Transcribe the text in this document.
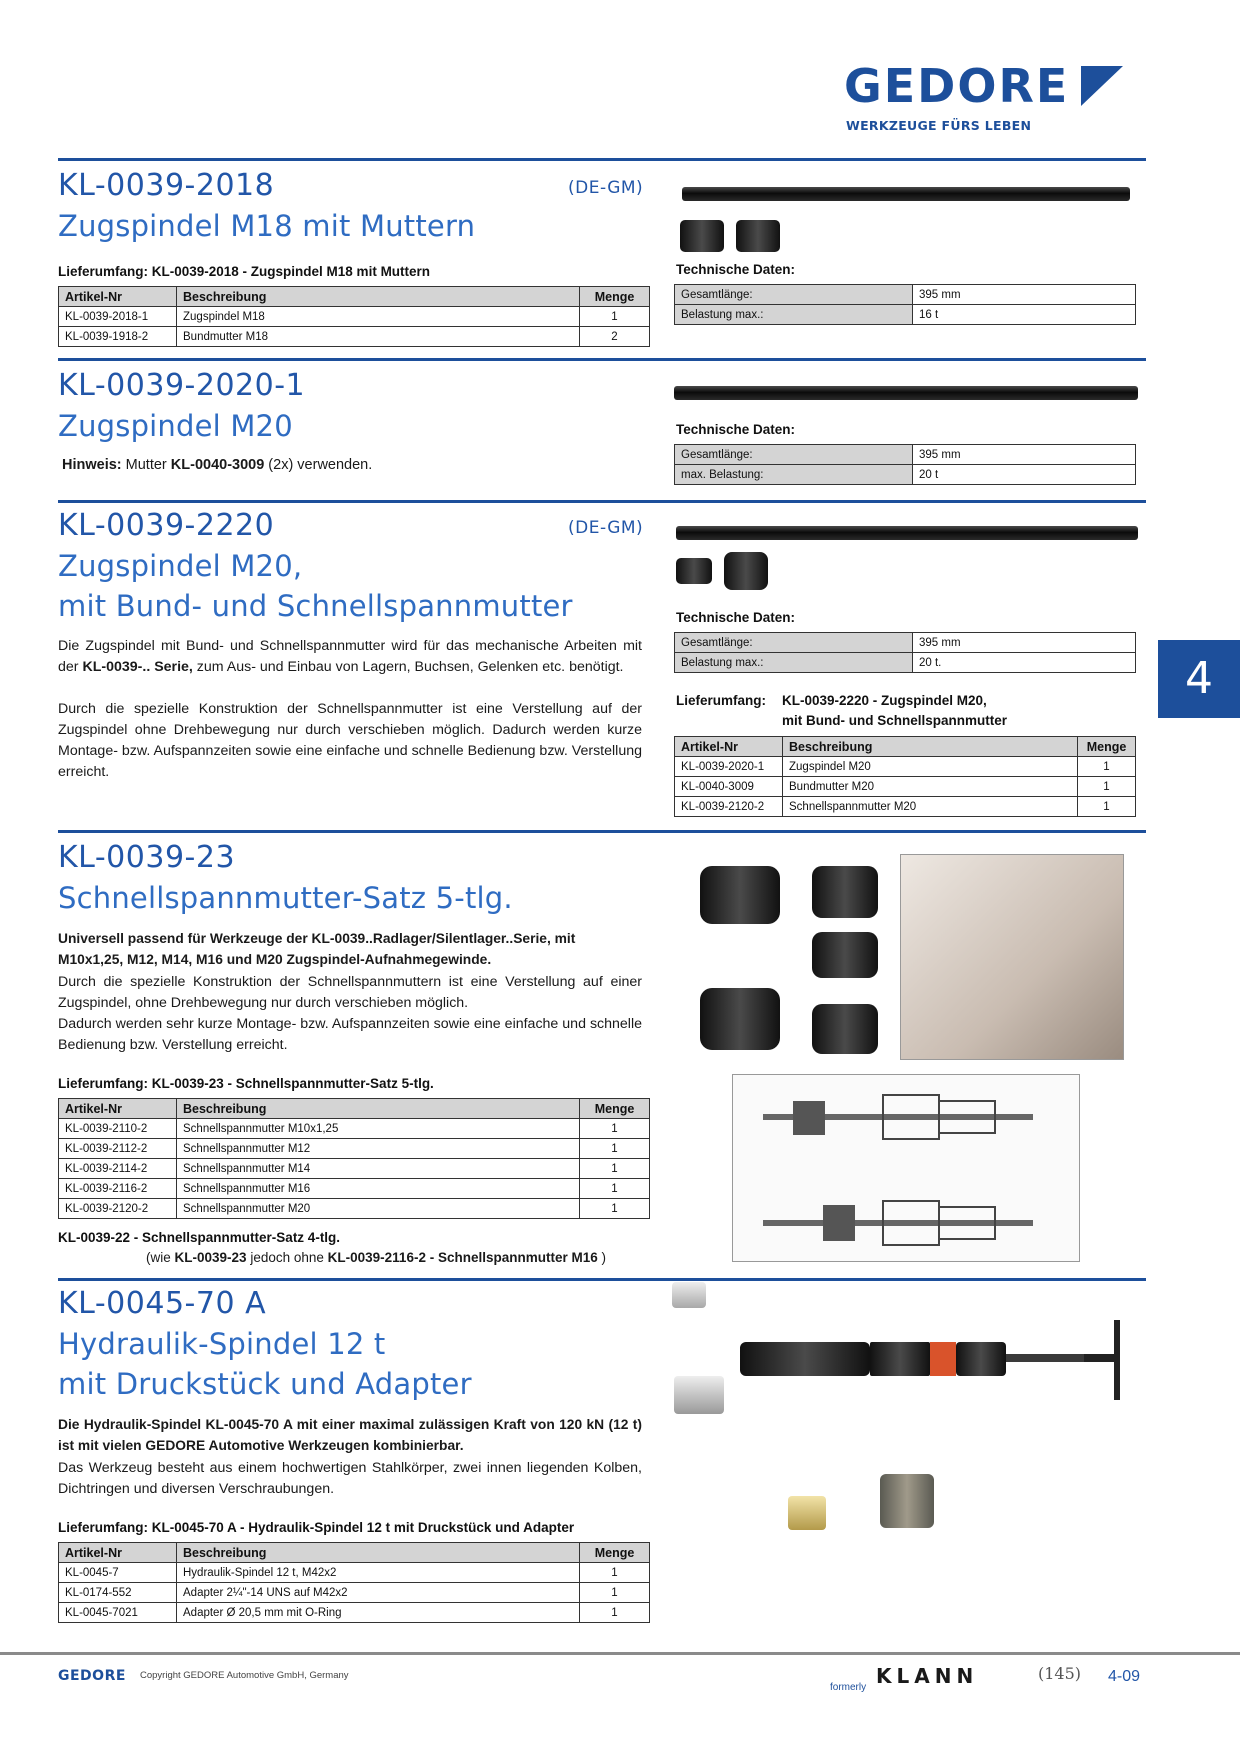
GEDORE
WERKZEUGE FÜRS LEBEN
4
KL-0039-2018	(DE-GM)
Zugspindel M18 mit Muttern
Lieferumfang: KL-0039-2018 - Zugspindel M18 mit Muttern
Artikel-Nr	Beschreibung	Menge
KL-0039-2018-1	Zugspindel M18	1
KL-0039-1918-2	Bundmutter M18	2
Technische Daten:
Gesamtlänge:	395 mm
Belastung max.:	16 t
KL-0039-2020-1
Zugspindel M20
Hinweis: Mutter KL-0040-3009 (2x) verwenden.
Technische Daten:
Gesamtlänge:	395 mm
max. Belastung:	20 t
KL-0039-2220	(DE-GM)
Zugspindel M20,
mit Bund- und Schnellspannmutter
Die Zugspindel mit Bund- und Schnellspannmutter wird für das mechanische Arbeiten mit der KL-0039-.. Serie, zum Aus- und Einbau von Lagern, Buchsen, Gelenken etc. benötigt.
Durch die spezielle Konstruktion der Schnellspannmutter ist eine Verstellung auf der Zugspindel ohne Drehbewegung nur durch verschieben möglich. Dadurch werden kurze Montage- bzw. Aufspannzeiten sowie eine einfache und schnelle Bedienung bzw. Verstellung erreicht.
Technische Daten:
Gesamtlänge:	395 mm
Belastung max.:	20 t.
Lieferumfang: KL-0039-2220 - Zugspindel M20,
mit Bund- und Schnellspannmutter
Artikel-Nr	Beschreibung	Menge
KL-0039-2020-1	Zugspindel M20	1
KL-0040-3009	Bundmutter M20	1
KL-0039-2120-2	Schnellspannmutter M20	1
KL-0039-23
Schnellspannmutter-Satz 5-tlg.
Universell passend für Werkzeuge der KL-0039..Radlager/Silentlager..Serie, mit M10x1,25, M12, M14, M16 und M20 Zugspindel-Aufnahmegewinde.
Durch die spezielle Konstruktion der Schnellspannmuttern ist eine Verstellung auf einer Zugspindel, ohne Drehbewegung nur durch verschieben möglich.
Dadurch werden sehr kurze Montage- bzw. Aufspannzeiten sowie eine einfache und schnelle Bedienung bzw. Verstellung erreicht.
Lieferumfang: KL-0039-23 - Schnellspannmutter-Satz 5-tlg.
Artikel-Nr	Beschreibung	Menge
KL-0039-2110-2	Schnellspannmutter M10x1,25	1
KL-0039-2112-2	Schnellspannmutter M12	1
KL-0039-2114-2	Schnellspannmutter M14	1
KL-0039-2116-2	Schnellspannmutter M16	1
KL-0039-2120-2	Schnellspannmutter M20	1
KL-0039-22 - Schnellspannmutter-Satz 4-tlg.
(wie KL-0039-23 jedoch ohne KL-0039-2116-2 - Schnellspannmutter M16 )
KL-0045-70 A
Hydraulik-Spindel 12 t
mit Druckstück und Adapter
Die Hydraulik-Spindel KL-0045-70 A mit einer maximal zulässigen Kraft von 120 kN (12 t) ist mit vielen GEDORE Automotive Werkzeugen kombinierbar.
Das Werkzeug besteht aus einem hochwertigen Stahlkörper, zwei innen liegenden Kolben, Dichtringen und diversen Verschraubungen.
Lieferumfang: KL-0045-70 A - Hydraulik-Spindel 12 t mit Druckstück und Adapter
Artikel-Nr	Beschreibung	Menge
KL-0045-7	Hydraulik-Spindel 12 t, M42x2	1
KL-0174-552	Adapter 2¼"-14 UNS auf M42x2	1
KL-0045-7021	Adapter Ø 20,5 mm mit O-Ring	1
GEDORE Copyright GEDORE Automotive GmbH, Germany
formerly KLANN	(145) 4-09
